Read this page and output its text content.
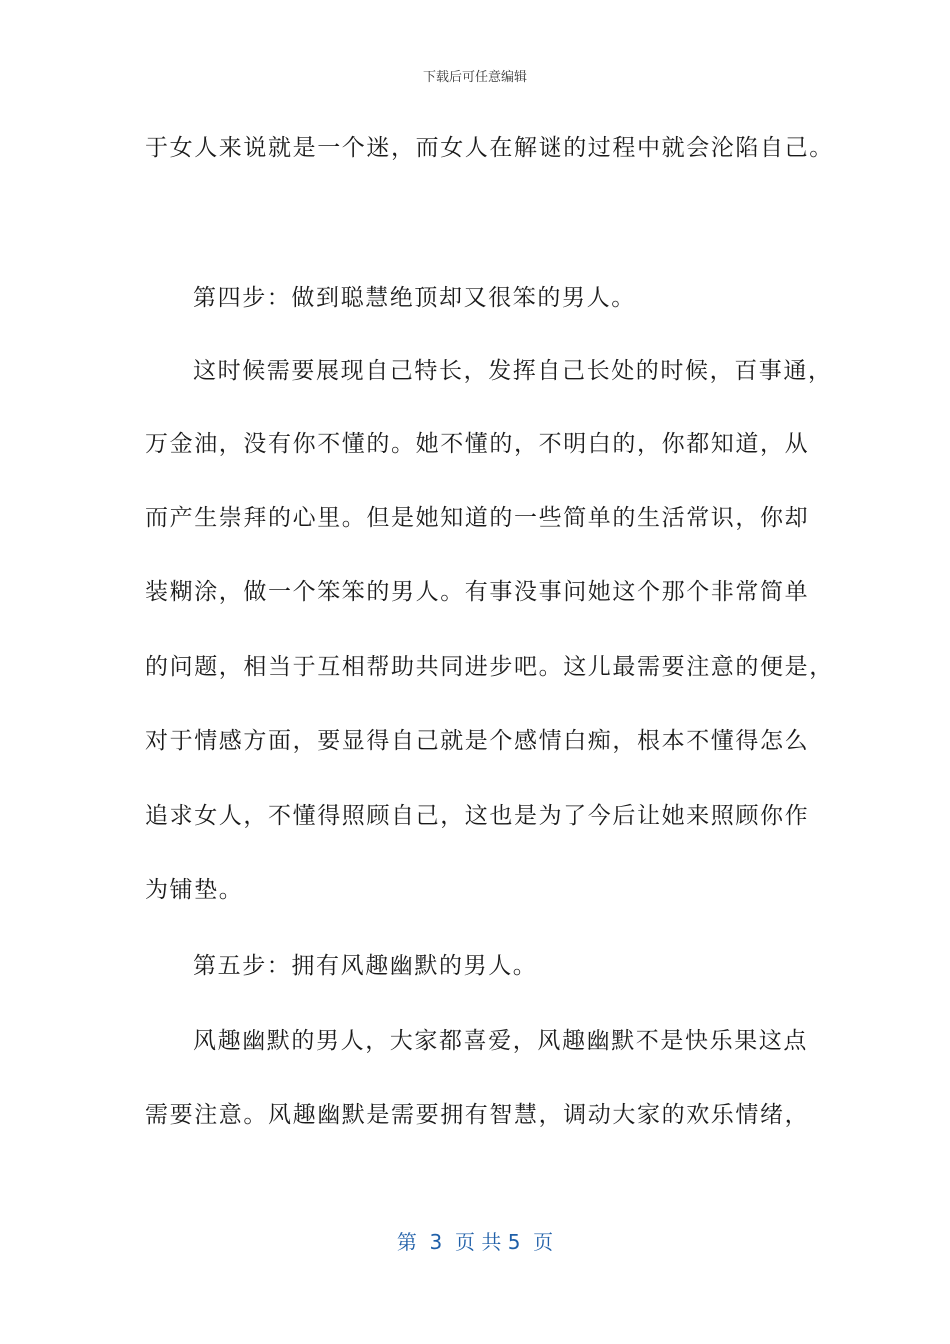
下载后可任意编辑
于女人来说就是一个迷，而女人在解谜的过程中就会沦陷自己。
第四步：做到聪慧绝顶却又很笨的男人。
这时候需要展现自己特长，发挥自己长处的时候，百事通，
万金油，没有你不懂的。她不懂的，不明白的，你都知道，从
而产生崇拜的心里。但是她知道的一些简单的生活常识，你却
装糊涂，做一个笨笨的男人。有事没事问她这个那个非常简单
的问题，相当于互相帮助共同进步吧。这儿最需要注意的便是，
对于情感方面，要显得自己就是个感情白痴，根本不懂得怎么
追求女人，不懂得照顾自己，这也是为了今后让她来照顾你作
为铺垫。
第五步：拥有风趣幽默的男人。
风趣幽默的男人，大家都喜爱，风趣幽默不是快乐果这点
需要注意。风趣幽默是需要拥有智慧，调动大家的欢乐情绪，
第  3  页 共 5  页
